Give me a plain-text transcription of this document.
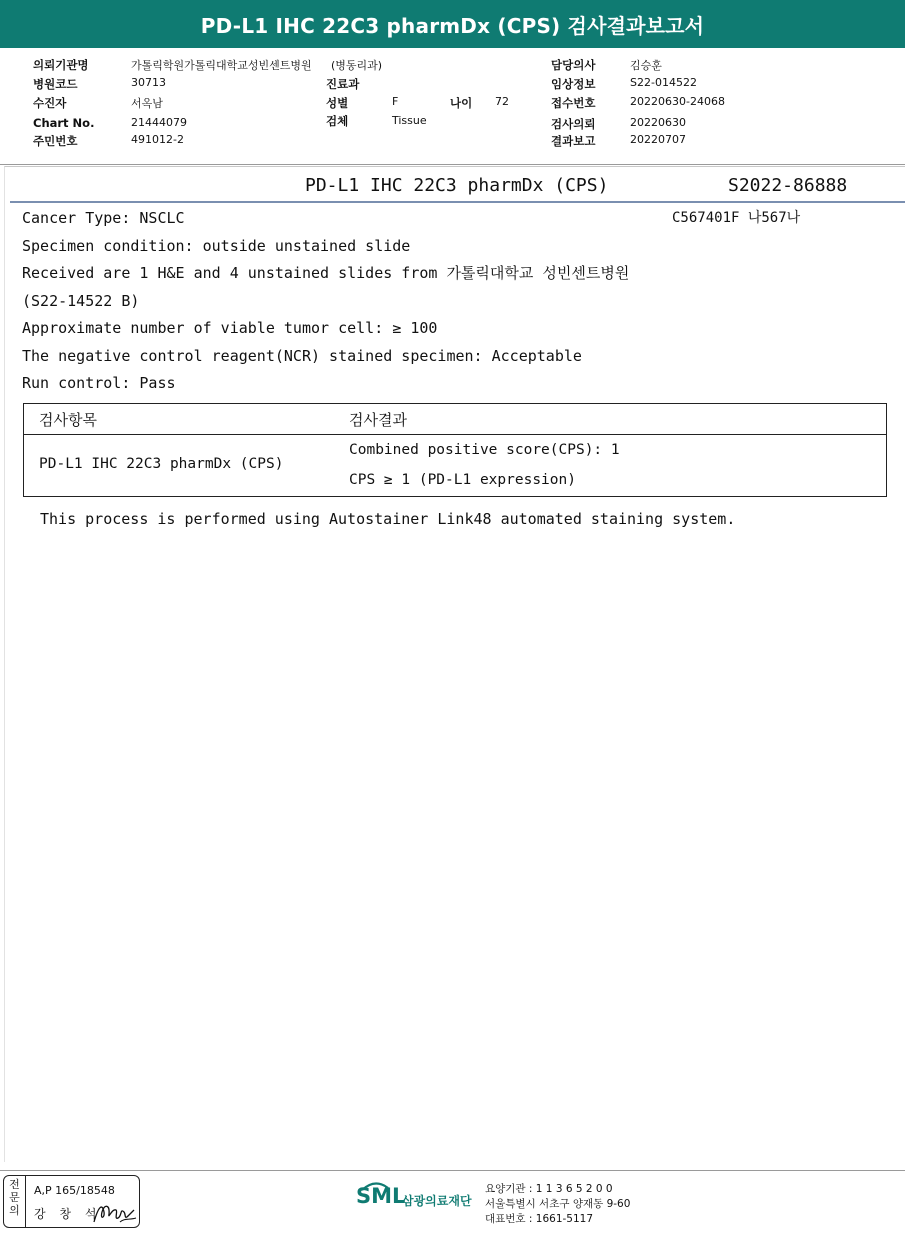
PD-L1 IHC 22C3 pharmDx (CPS) 검사결과보고서
의뢰기관명	가톨릭학원가톨릭대학교성빈센트병원 (병동리과)
병원코드	30713	진료과
수진자	서옥남	성별	F	나이 72
Chart No.	21444079	검체	Tissue
주민번호	491012-2
담당의사	김승훈
임상정보	S22-014522
접수번호	20220630-24068
검사의뢰	20220630
결과보고	20220707
PD-L1 IHC 22C3 pharmDx (CPS)	S2022-86888
C567401F 나567나
Cancer Type: NSCLC
Specimen condition: outside unstained slide
Received are 1 H&E and 4 unstained slides from 가톨릭대학교 성빈센트병원
(S22-14522 B)
Approximate number of viable tumor cell: ≥ 100
The negative control reagent(NCR) stained specimen: Acceptable
Run control: Pass
검사항목	검사결과
PD-L1 IHC 22C3 pharmDx (CPS)
Combined positive score(CPS): 1
CPS ≥ 1 (PD-L1 expression)
This process is performed using Autostainer Link48 automated staining system.
전문의
A,P 165/18548
강 창 석
SML
삼광의료재단
요양기관 : 1 1 3 6 5 2 0 0
서울특별시 서초구 양재동 9-60
대표번호 : 1661-5117
